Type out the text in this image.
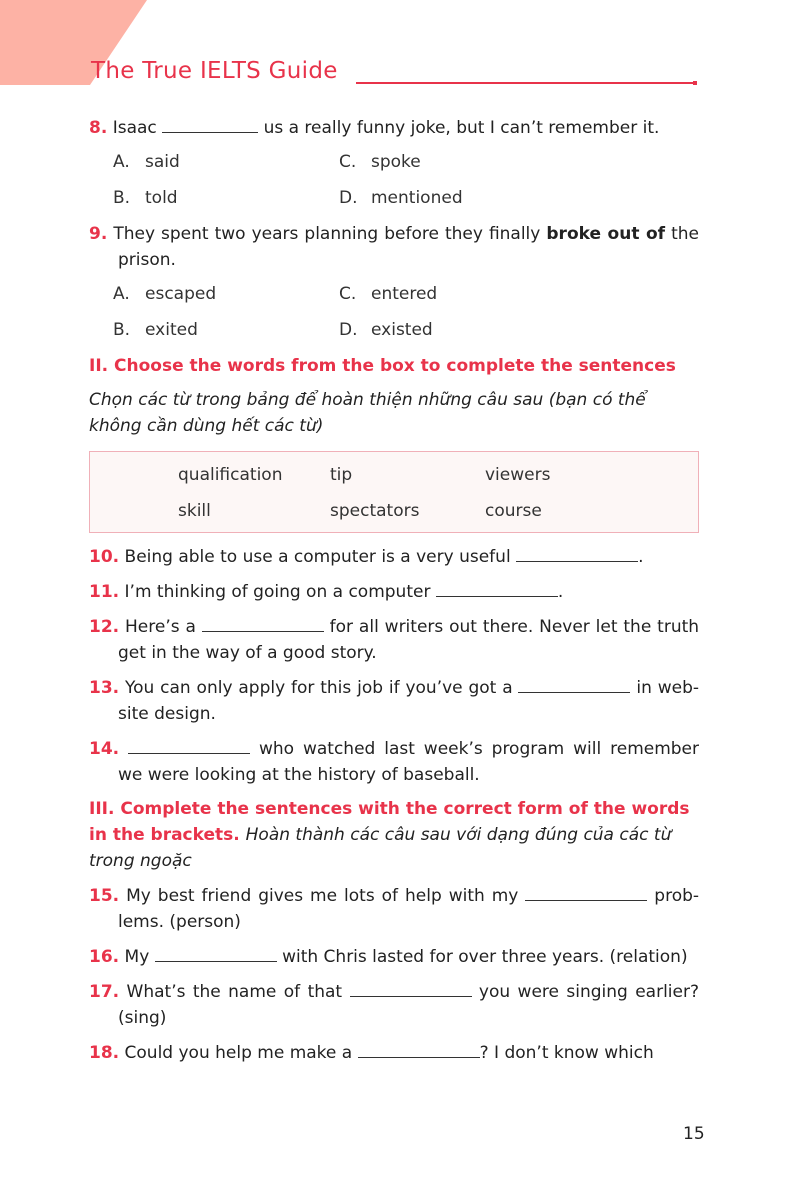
The True IELTS Guide

8. Isaac	us a really funny joke, but I can’t remember it.

A. said	C. spoke
B. told	D. mentioned

9. They spent two years planning before they finally broke out of the prison.

A. escaped	C. entered
B. exited	D. existed

II. Choose the words from the box to complete the sentences

Chọn các từ trong bảng để hoàn thiện những câu sau (bạn có thể không cần dùng hết các từ)

qualification	tip	viewers
skill	spectators	course

10. Being able to use a computer is a very useful	.

11. I’m thinking of going on a computer	.

12. Here’s a	for all writers out there. Never let the truth get in the way of a good story.

13. You can only apply for this job if you’ve got a	in web-site design.

14.	who watched last week’s program will remember we were looking at the history of baseball.

III. Complete the sentences with the correct form of the words in the brackets. Hoàn thành các câu sau với dạng đúng của các từ trong ngoặc

15. My best friend gives me lots of help with my	prob-lems. (person)

16. My	with Chris lasted for over three years. (relation)

17. What’s the name of that	you were singing earlier? (sing)

18. Could you help me make a	? I don’t know which

15
